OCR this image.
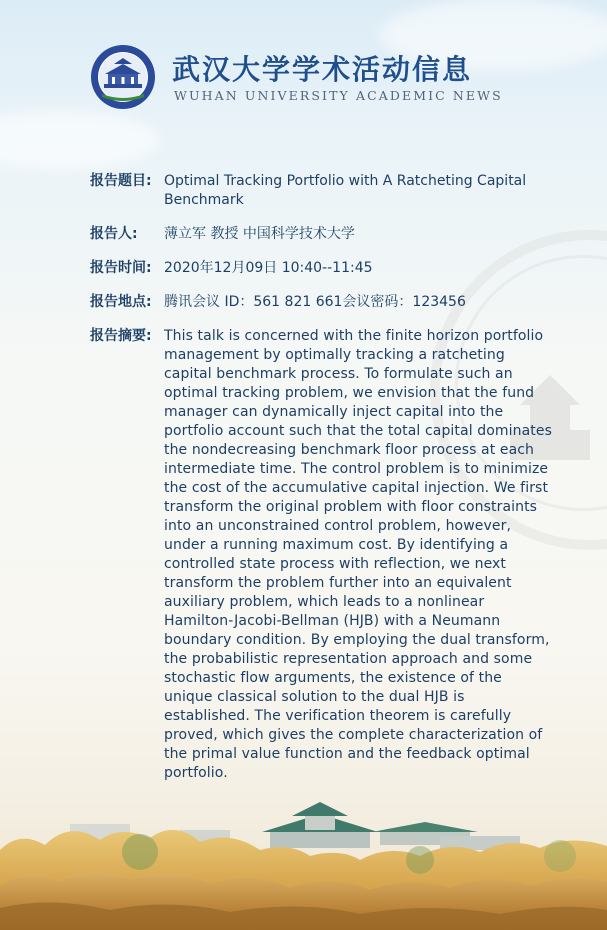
武汉大学学术活动信息
WUHAN UNIVERSITY ACADEMIC NEWS
报告题目: Optimal Tracking Portfolio with A Ratcheting Capital Benchmark
报告人:	薄立军 教授 中国科学技术大学
报告时间: 2020年12月09日 10:40--11:45
报告地点: 腾讯会议 ID：561 821 661会议密码：123456
报告摘要: This talk is concerned with the finite horizon portfolio management by optimally tracking a ratcheting capital benchmark process. To formulate such an optimal tracking problem, we envision that the fund manager can dynamically inject capital into the portfolio account such that the total capital dominates the nondecreasing benchmark floor process at each intermediate time. The control problem is to minimize the cost of the accumulative capital injection. We first transform the original problem with floor constraints into an unconstrained control problem, however, under a running maximum cost. By identifying a controlled state process with reflection, we next transform the problem further into an equivalent auxiliary problem, which leads to a nonlinear Hamilton-Jacobi-Bellman (HJB) with a Neumann boundary condition. By employing the dual transform, the probabilistic representation approach and some stochastic flow arguments, the existence of the unique classical solution to the dual HJB is established. The verification theorem is carefully proved, which gives the complete characterization of the primal value function and the feedback optimal portfolio.
